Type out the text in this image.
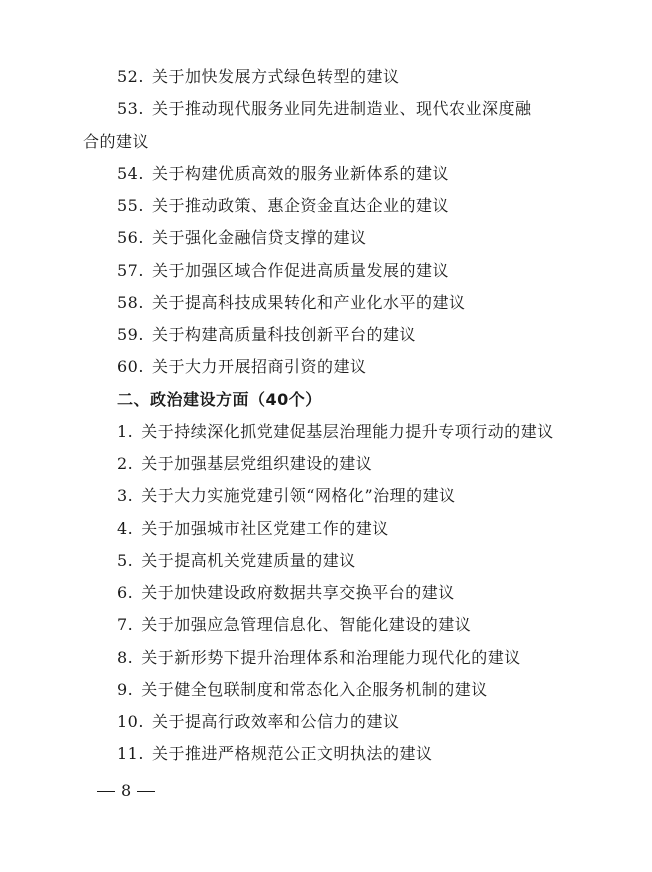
52. 关于加快发展方式绿色转型的建议
53. 关于推动现代服务业同先进制造业、现代农业深度融
合的建议
54. 关于构建优质高效的服务业新体系的建议
55. 关于推动政策、惠企资金直达企业的建议
56. 关于强化金融信贷支撑的建议
57. 关于加强区域合作促进高质量发展的建议
58. 关于提高科技成果转化和产业化水平的建议
59. 关于构建高质量科技创新平台的建议
60. 关于大力开展招商引资的建议
二、政治建设方面（40个）
1. 关于持续深化抓党建促基层治理能力提升专项行动的建议
2. 关于加强基层党组织建设的建议
3. 关于大力实施党建引领“网格化”治理的建议
4. 关于加强城市社区党建工作的建议
5. 关于提高机关党建质量的建议
6. 关于加快建设政府数据共享交换平台的建议
7. 关于加强应急管理信息化、智能化建设的建议
8. 关于新形势下提升治理体系和治理能力现代化的建议
9. 关于健全包联制度和常态化入企服务机制的建议
10. 关于提高行政效率和公信力的建议
11. 关于推进严格规范公正文明执法的建议
8
